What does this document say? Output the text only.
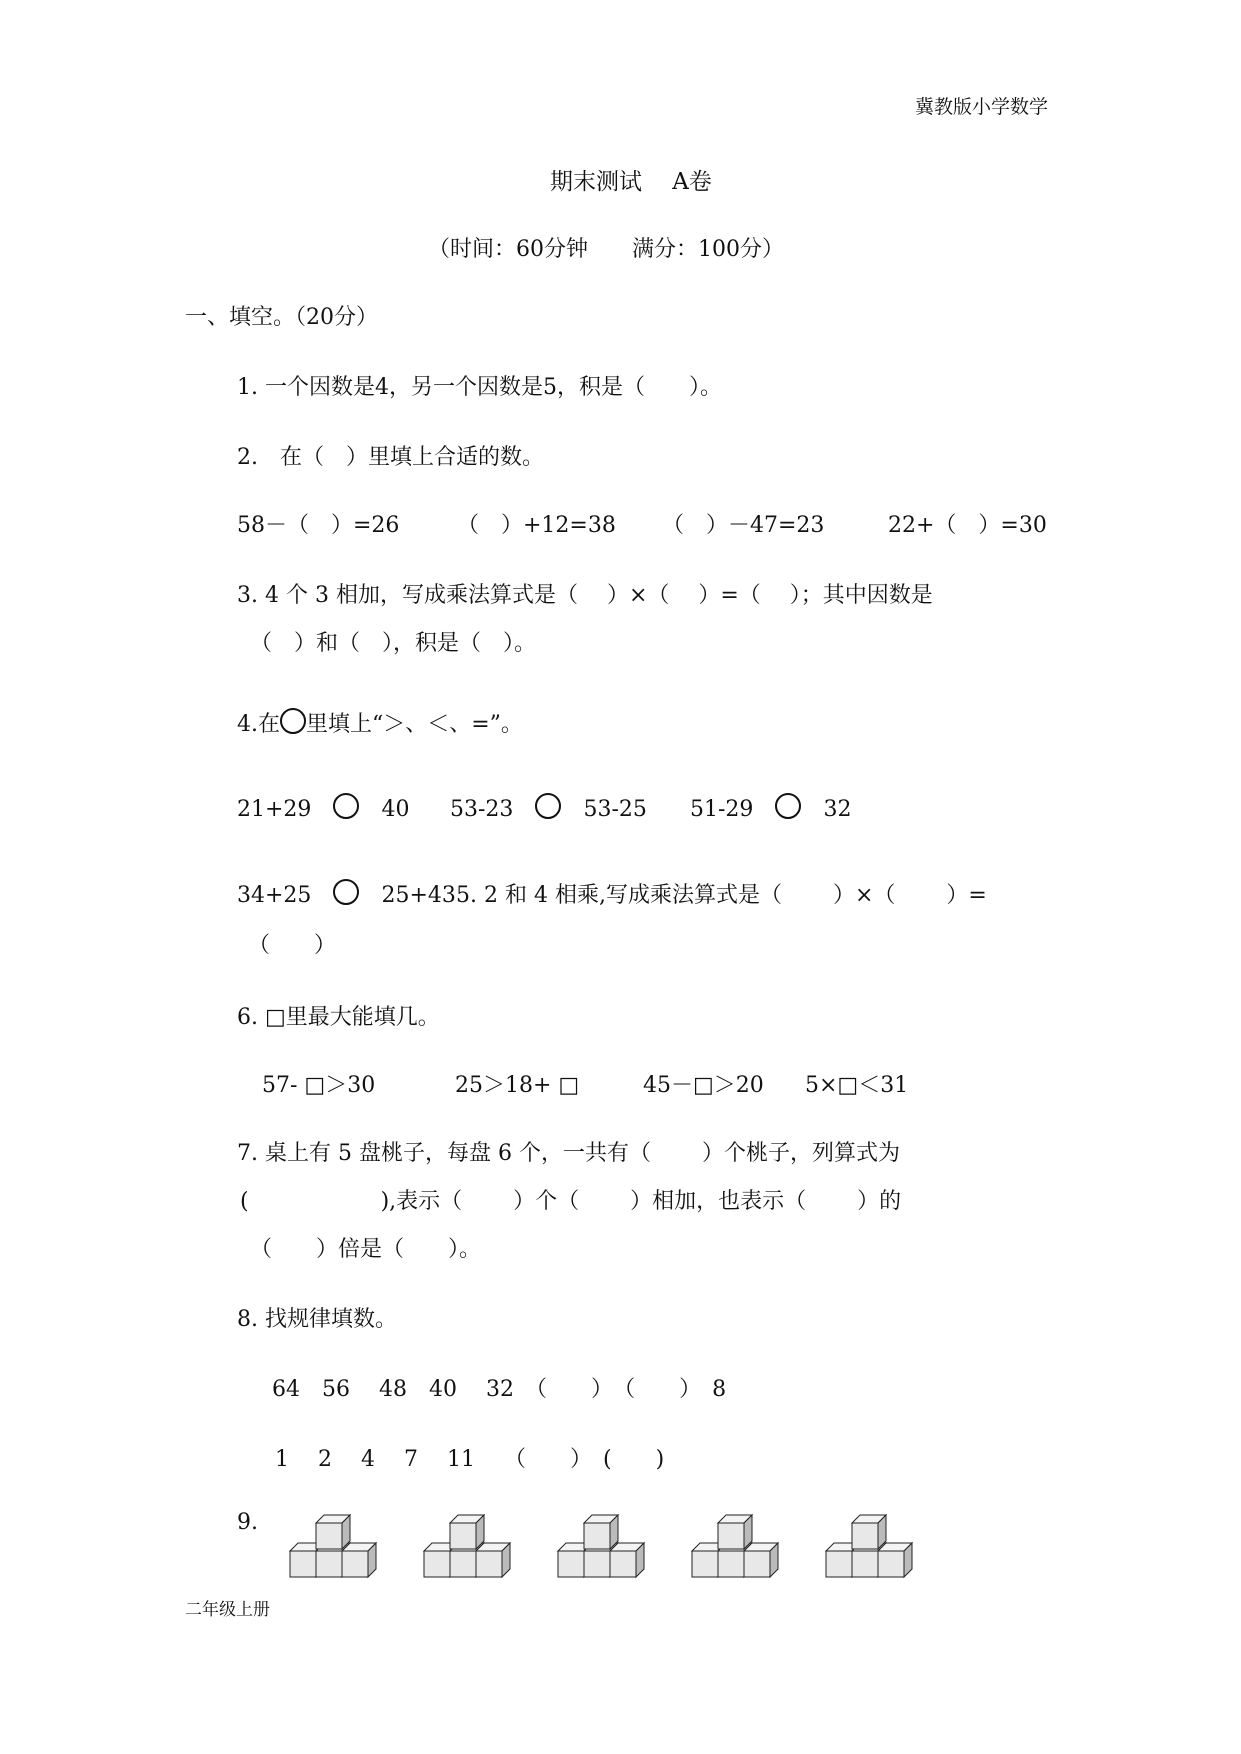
冀教版小学数学
期末测试　 A卷
（时间：60分钟　　满分：100分）
一、填空。（20分）
1. 一个因数是4，另一个因数是5，积是（　　）。
2.　在（　）里填上合适的数。
58－（　）=26	（　）+12=38 （　）－47=23	22+（　）=30
3. 4 个 3 相加，写成乘法算式是（　 ）×（　 ）=（　 ）；其中因数是
（　）和（　），积是（　）。
4.在 里填上“＞、＜、=”。
21+29　　	40 53-23　　	53-25 51-29　　	32
34+25　　	25+43 5. 2 和 4 相乘,写成乘法算式是（　　 ）×（　　 ）=
（　　）
6. □里最大能填几。
57- □＞30	25＞18+ □	45－□＞20 5×□＜31
7. 桌上有 5 盘桃子，每盘 6 个，一共有（　　 ）个桃子，列算式为
(　　　　　　),表示（　　 ）个（　　 ）相加，也表示（　　 ）的
（　　）倍是（　　）。
8. 找规律填数。
64　 56　 48　 40　 32　 （　　）　 （　　）　 8
1　 2　 4　 7　 11　 （　　）　 (　　)
9.
二年级上册
